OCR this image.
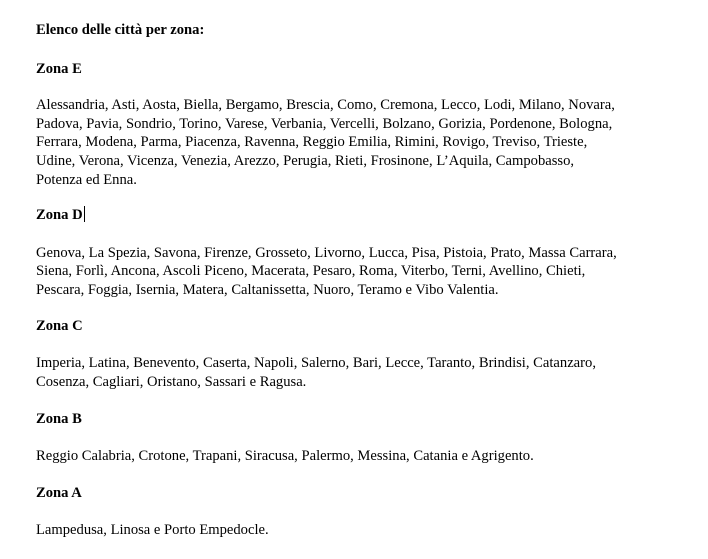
Elenco delle città per zona:
Zona E
Alessandria, Asti, Aosta, Biella, Bergamo, Brescia, Como, Cremona, Lecco, Lodi, Milano, Novara,
Padova, Pavia, Sondrio, Torino, Varese, Verbania, Vercelli, Bolzano, Gorizia, Pordenone, Bologna,
Ferrara, Modena, Parma, Piacenza, Ravenna, Reggio Emilia, Rimini, Rovigo, Treviso, Trieste,
Udine, Verona, Vicenza, Venezia, Arezzo, Perugia, Rieti, Frosinone, L’Aquila, Campobasso,
Potenza ed Enna.
Zona D
Genova, La Spezia, Savona, Firenze, Grosseto, Livorno, Lucca, Pisa, Pistoia, Prato, Massa Carrara,
Siena, Forlì, Ancona, Ascoli Piceno, Macerata, Pesaro, Roma, Viterbo, Terni, Avellino, Chieti,
Pescara, Foggia, Isernia, Matera, Caltanissetta, Nuoro, Teramo e Vibo Valentia.
Zona C
Imperia, Latina, Benevento, Caserta, Napoli, Salerno, Bari, Lecce, Taranto, Brindisi, Catanzaro,
Cosenza, Cagliari, Oristano, Sassari e Ragusa.
Zona B
Reggio Calabria, Crotone, Trapani, Siracusa, Palermo, Messina, Catania e Agrigento.
Zona A
Lampedusa, Linosa e Porto Empedocle.
